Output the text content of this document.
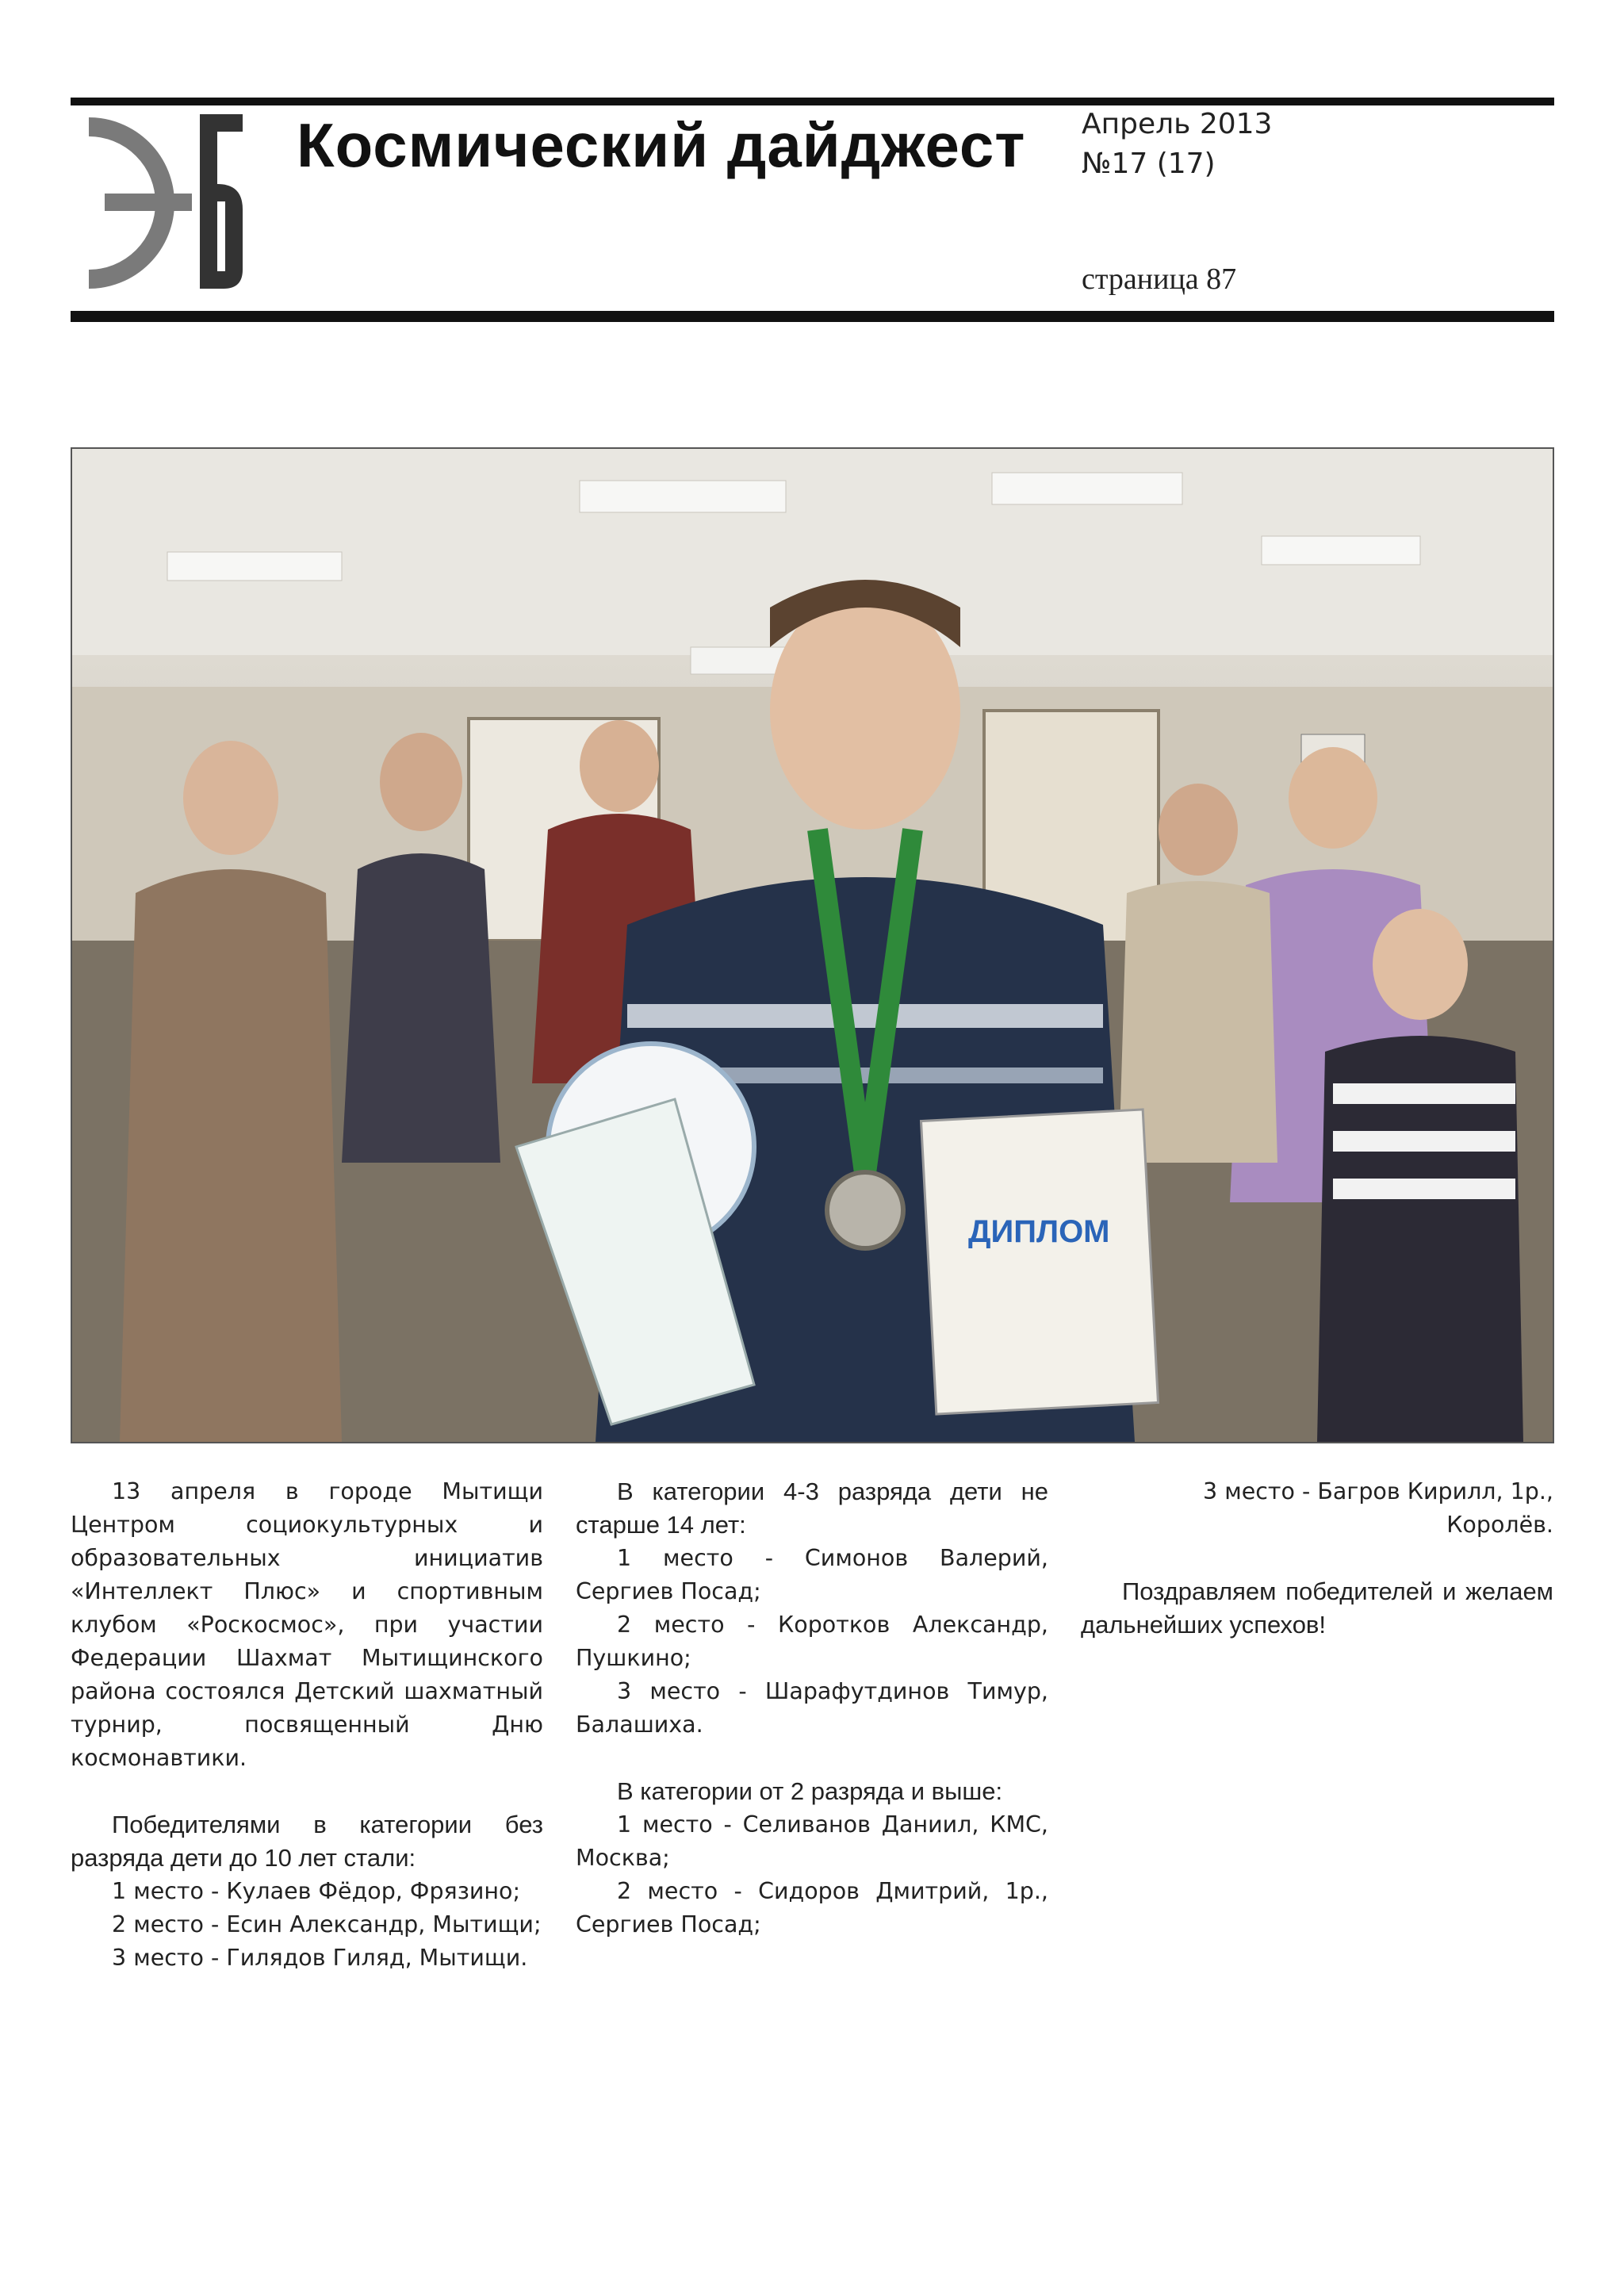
Космический дайджест Апрель 2013
№17 (17)
страница 87
ДИПЛОМ

13 апреля в городе Мытищи Центром социокультурных и образовательных инициатив «Интеллект Плюс» и спортивным клубом «Роскосмос», при участии Федерации Шахмат Мытищинского района состоялся Детский шахматный турнир, посвященный Дню космонавтики.

Победителями в категории без разряда дети до 10 лет стали:

1 место - Кулаев Фёдор, Фрязино;

2 место - Есин Александр, Мытищи;

3 место - Гилядов Гиляд, Мытищи.

В категории 4-3 разряда дети не старше 14 лет:

1 место - Симонов Валерий, Сергиев Посад;

2 место - Коротков Александр, Пушкино;

3 место - Шарафутдинов Тимур, Балашиха.

В категории от 2 разряда и выше:

1 место - Селиванов Даниил, КМС, Москва;

2 место - Сидоров Дмитрий, 1р., Сергиев Посад;

3 место - Багров Кирилл, 1р., Королёв.

Поздравляем победителей и желаем дальнейших успехов!
